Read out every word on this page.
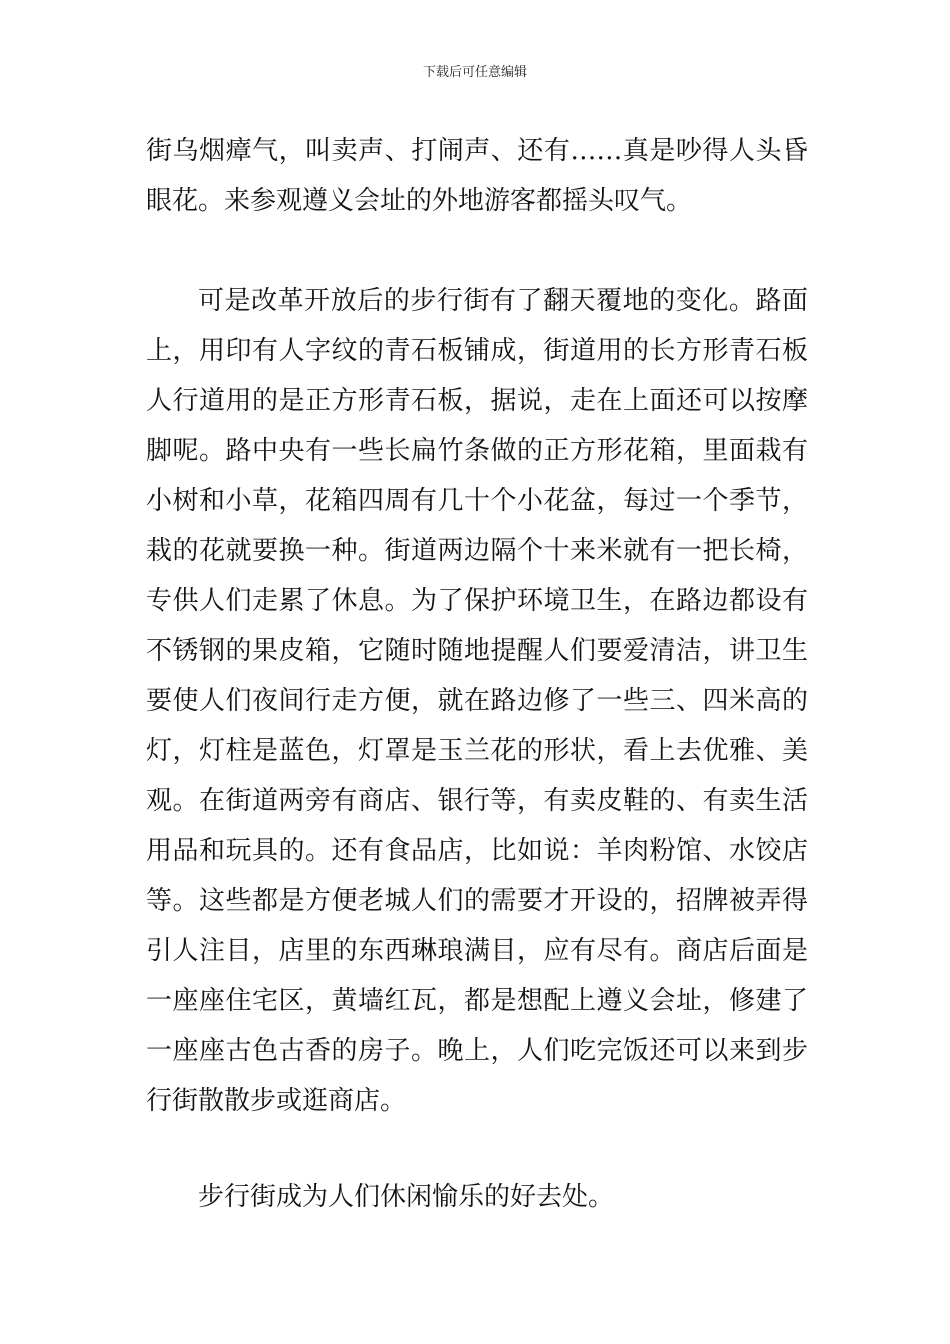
下载后可任意编辑

街乌烟瘴气，叫卖声、打闹声、还有……真是吵得人头昏眼花。来参观遵义会址的外地游客都摇头叹气。

可是改革开放后的步行街有了翻天覆地的变化。路面上，用印有人字纹的青石板铺成，街道用的长方形青石板人行道用的是正方形青石板，据说，走在上面还可以按摩脚呢。路中央有一些长扁竹条做的正方形花箱，里面栽有小树和小草，花箱四周有几十个小花盆，每过一个季节，栽的花就要换一种。街道两边隔个十来米就有一把长椅，专供人们走累了休息。为了保护环境卫生，在路边都设有不锈钢的果皮箱，它随时随地提醒人们要爱清洁，讲卫生要使人们夜间行走方便，就在路边修了一些三、四米高的灯，灯柱是蓝色，灯罩是玉兰花的形状，看上去优雅、美观。在街道两旁有商店、银行等，有卖皮鞋的、有卖生活用品和玩具的。还有食品店，比如说：羊肉粉馆、水饺店等。这些都是方便老城人们的需要才开设的，招牌被弄得引人注目，店里的东西琳琅满目，应有尽有。商店后面是一座座住宅区，黄墙红瓦，都是想配上遵义会址，修建了一座座古色古香的房子。晚上，人们吃完饭还可以来到步行街散散步或逛商店。

步行街成为人们休闲愉乐的好去处。
